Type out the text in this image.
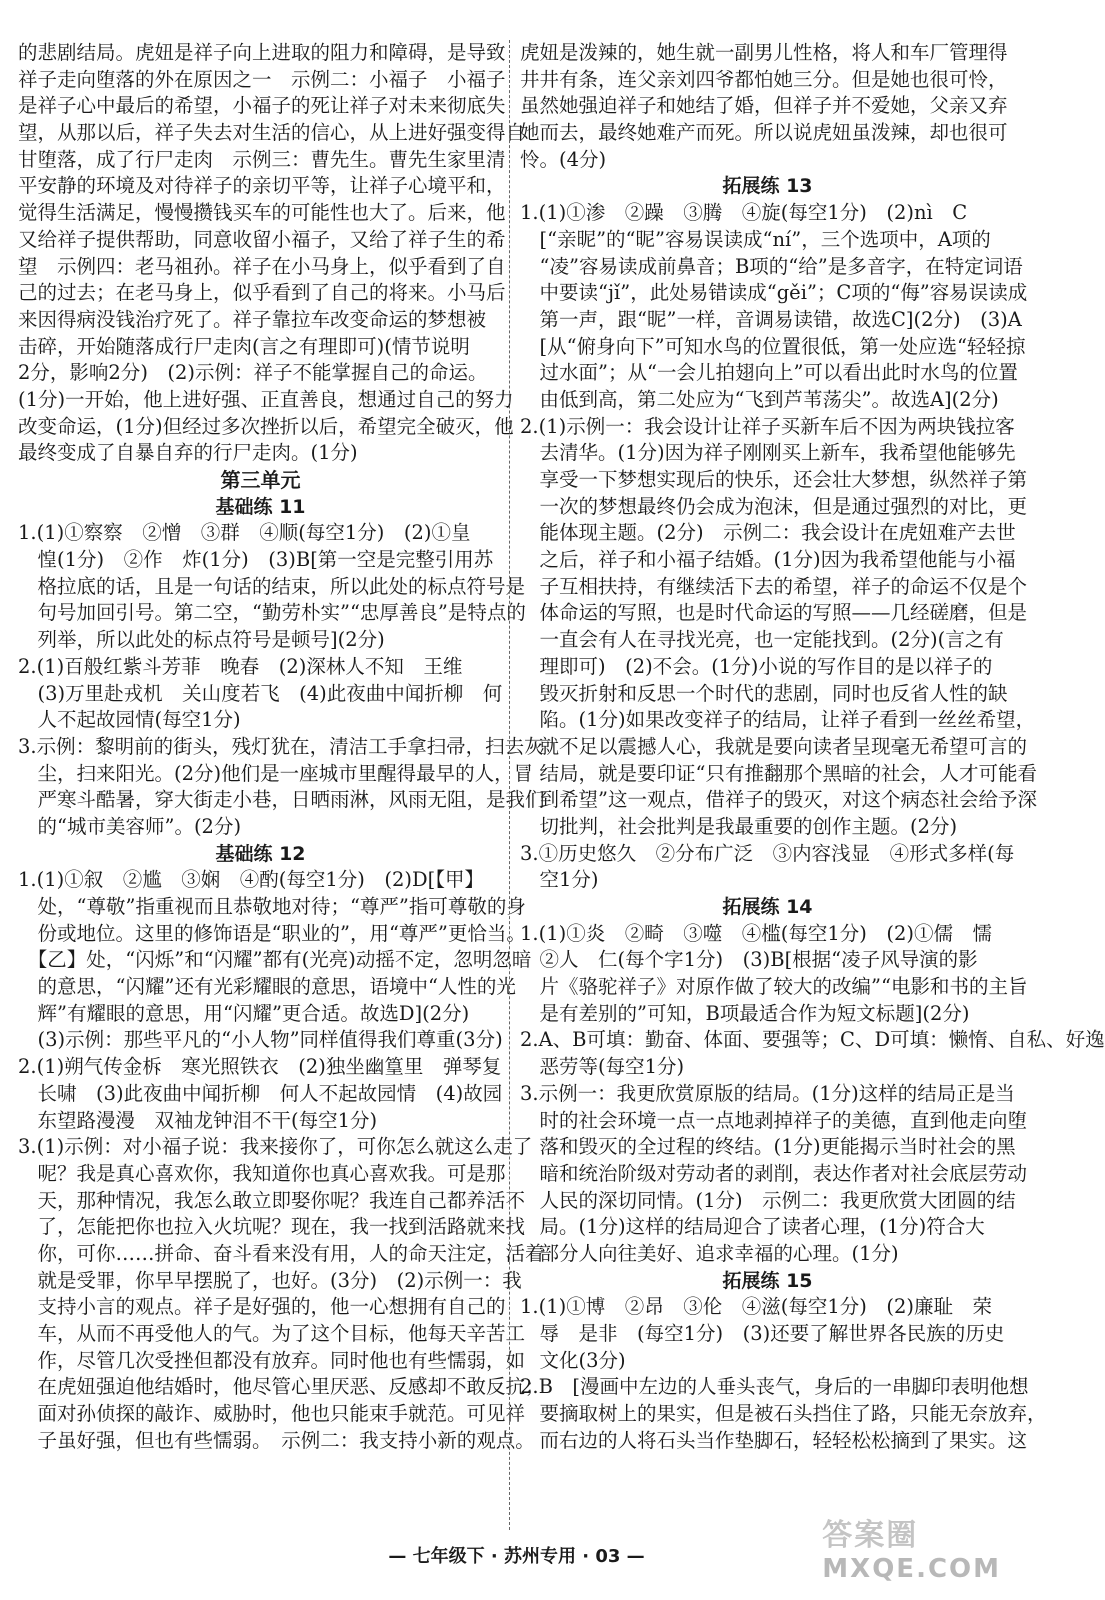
的悲剧结局。虎妞是祥子向上进取的阻力和障碍，是导致
祥子走向堕落的外在原因之一　示例二：小福子　小福子
是祥子心中最后的希望，小福子的死让祥子对未来彻底失
望，从那以后，祥子失去对生活的信心，从上进好强变得自
甘堕落，成了行尸走肉　示例三：曹先生。曹先生家里清
平安静的环境及对待祥子的亲切平等，让祥子心境平和，
觉得生活满足，慢慢攒钱买车的可能性也大了。后来，他
又给祥子提供帮助，同意收留小福子，又给了祥子生的希
望　示例四：老马祖孙。祥子在小马身上，似乎看到了自
己的过去；在老马身上，似乎看到了自己的将来。小马后
来因得病没钱治疗死了。祥子靠拉车改变命运的梦想被
击碎，开始随落成行尸走肉(言之有理即可)(情节说明
2分，影响2分)　(2)示例：祥子不能掌握自己的命运。
(1分)一开始，他上进好强、正直善良，想通过自己的努力
改变命运，(1分)但经过多次挫折以后，希望完全破灭，他
最终变成了自暴自弃的行尸走肉。(1分)
第三单元
基础练 11
1.(1)①察察　②憎　③群　④顺(每空1分)　(2)①皇
　惶(1分)　②作　炸(1分)　(3)B[第一空是完整引用苏
　格拉底的话，且是一句话的结束，所以此处的标点符号是
　句号加回引号。第二空，“勤劳朴实”“忠厚善良”是特点的
　列举，所以此处的标点符号是顿号](2分)
2.(1)百般红紫斗芳菲　晚春　(2)深林人不知　王维
　(3)万里赴戎机　关山度若飞　(4)此夜曲中闻折柳　何
　人不起故园情(每空1分)
3.示例：黎明前的街头，残灯犹在，清洁工手拿扫帚，扫去灰
　尘，扫来阳光。(2分)他们是一座城市里醒得最早的人，冒
　严寒斗酷暑，穿大街走小巷，日晒雨淋，风雨无阻，是我们
　的“城市美容师”。(2分)
基础练 12
1.(1)①叙　②尴　③娴　④酌(每空1分)　(2)D[【甲】
　处，“尊敬”指重视而且恭敬地对待；“尊严”指可尊敬的身
　份或地位。这里的修饰语是“职业的”，用“尊严”更恰当。
　【乙】处，“闪烁”和“闪耀”都有(光亮)动摇不定，忽明忽暗
　的意思，“闪耀”还有光彩耀眼的意思，语境中“人性的光
　辉”有耀眼的意思，用“闪耀”更合适。故选D](2分)
　(3)示例：那些平凡的“小人物”同样值得我们尊重(3分)
2.(1)朔气传金柝　寒光照铁衣　(2)独坐幽篁里　弹琴复
　长啸　(3)此夜曲中闻折柳　何人不起故园情　(4)故园
　东望路漫漫　双袖龙钟泪不干(每空1分)
3.(1)示例：对小福子说：我来接你了，可你怎么就这么走了
　呢？我是真心喜欢你，我知道你也真心喜欢我。可是那
　天，那种情况，我怎么敢立即娶你呢？我连自己都养活不
　了，怎能把你也拉入火坑呢？现在，我一找到活路就来找
　你，可你……拼命、奋斗看来没有用，人的命天注定，活着
　就是受罪，你早早摆脱了，也好。(3分)　(2)示例一：我
　支持小言的观点。祥子是好强的，他一心想拥有自己的
　车，从而不再受他人的气。为了这个目标，他每天辛苦工
　作，尽管几次受挫但都没有放弃。同时他也有些懦弱，如
　在虎妞强迫他结婚时，他尽管心里厌恶、反感却不敢反抗；
　面对孙侦探的敲诈、威胁时，他也只能束手就范。可见祥
　子虽好强，但也有些懦弱。　示例二：我支持小新的观点。
虎妞是泼辣的，她生就一副男儿性格，将人和车厂管理得
井井有条，连父亲刘四爷都怕她三分。但是她也很可怜，
虽然她强迫祥子和她结了婚，但祥子并不爱她，父亲又弃
她而去，最终她难产而死。所以说虎妞虽泼辣，却也很可
怜。(4分)
拓展练 13
1.(1)①渗　②躁　③腾　④旋(每空1分)　(2)nì　C
　[“亲昵”的“昵”容易误读成“ní”，三个选项中，A项的
　“凌”容易读成前鼻音；B项的“给”是多音字，在特定词语
　中要读“jǐ”，此处易错读成“gěi”；C项的“侮”容易误读成
　第一声，跟“昵”一样，音调易读错，故选C](2分)　(3)A
　[从“俯身向下”可知水鸟的位置很低，第一处应选“轻轻掠
　过水面”；从“一会儿拍翅向上”可以看出此时水鸟的位置
　由低到高，第二处应为“飞到芦苇荡尖”。故选A](2分)
2.(1)示例一：我会设计让祥子买新车后不因为两块钱拉客
　去清华。(1分)因为祥子刚刚买上新车，我希望他能够先
　享受一下梦想实现后的快乐，还会壮大梦想，纵然祥子第
　一次的梦想最终仍会成为泡沫，但是通过强烈的对比，更
　能体现主题。(2分)　示例二：我会设计在虎妞难产去世
　之后，祥子和小福子结婚。(1分)因为我希望他能与小福
　子互相扶持，有继续活下去的希望，祥子的命运不仅是个
　体命运的写照，也是时代命运的写照——几经磋磨，但是
　一直会有人在寻找光亮，也一定能找到。(2分)(言之有
　理即可)　(2)不会。(1分)小说的写作目的是以祥子的
　毁灭折射和反思一个时代的悲剧，同时也反省人性的缺
　陷。(1分)如果改变祥子的结局，让祥子看到一丝丝希望，
　就不足以震撼人心，我就是要向读者呈现毫无希望可言的
　结局，就是要印证“只有推翻那个黑暗的社会，人才可能看
　到希望”这一观点，借祥子的毁灭，对这个病态社会给予深
　切批判，社会批判是我最重要的创作主题。(2分)
3.①历史悠久　②分布广泛　③内容浅显　④形式多样(每
　空1分)
拓展练 14
1.(1)①炎　②畸　③噬　④槛(每空1分)　(2)①儒　懦
　②人　仁(每个字1分)　(3)B[根据“凌子风导演的影
　片《骆驼祥子》对原作做了较大的改编”“电影和书的主旨
　是有差别的”可知，B项最适合作为短文标题](2分)
2.A、B可填：勤奋、体面、要强等；C、D可填：懒惰、自私、好逸
　恶劳等(每空1分)
3.示例一：我更欣赏原版的结局。(1分)这样的结局正是当
　时的社会环境一点一点地剥掉祥子的美德，直到他走向堕
　落和毁灭的全过程的终结。(1分)更能揭示当时社会的黑
　暗和统治阶级对劳动者的剥削，表达作者对社会底层劳动
　人民的深切同情。(1分)　示例二：我更欣赏大团圆的结
　局。(1分)这样的结局迎合了读者心理，(1分)符合大
　部分人向往美好、追求幸福的心理。(1分)
拓展练 15
1.(1)①博　②昂　③伦　④滋(每空1分)　(2)廉耻　荣
　辱　是非　(每空1分)　(3)还要了解世界各民族的历史
　文化(3分)
2.B　[漫画中左边的人垂头丧气，身后的一串脚印表明他想
　要摘取树上的果实，但是被石头挡住了路，只能无奈放弃，
　而右边的人将石头当作垫脚石，轻轻松松摘到了果实。这
— 七年级下 · 苏州专用 · 03 —
答案圈
MXQE.COM
